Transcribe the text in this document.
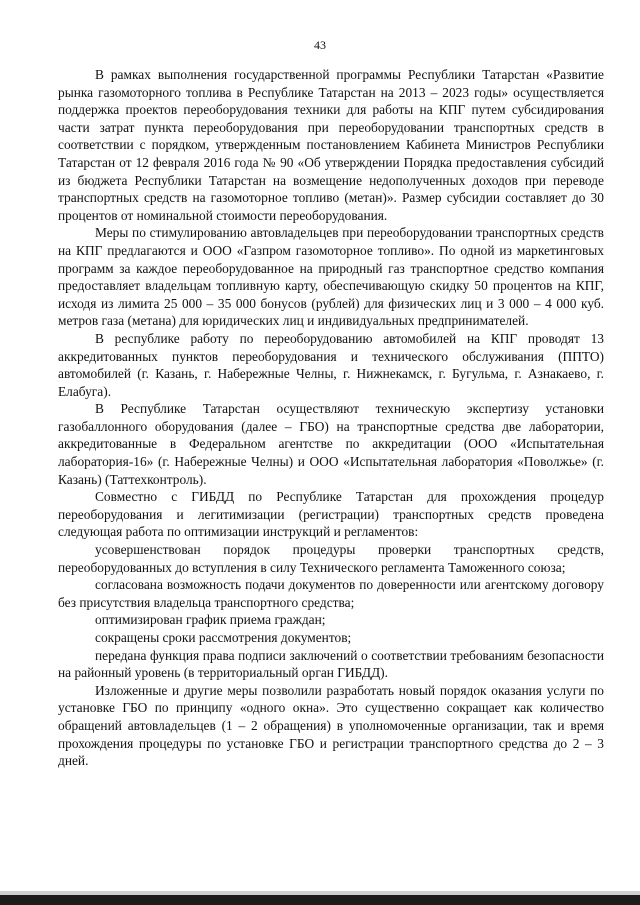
43

В рамках выполнения государственной программы Республики Татарстан «Развитие рынка газомоторного топлива в Республике Татарстан на 2013 – 2023 годы» осуществляется поддержка проектов переоборудования техники для работы на КПГ путем субсидирования части затрат пункта переоборудования при переоборудовании транспортных средств в соответствии с порядком, утвержденным постановлением Кабинета Министров Республики Татарстан от 12 февраля 2016 года № 90 «Об утверждении Порядка предоставления субсидий из бюджета Республики Татарстан на возмещение недополученных доходов при переводе транспортных средств на газомоторное топливо (метан)». Размер субсидии составляет до 30 процентов от номинальной стоимости переоборудования.

Меры по стимулированию автовладельцев при переоборудовании транспортных средств на КПГ предлагаются и ООО «Газпром газомоторное топливо». По одной из маркетинговых программ за каждое переоборудованное на природный газ транспортное средство компания предоставляет владельцам топливную карту, обеспечивающую скидку 50 процентов на КПГ, исходя из лимита 25 000 – 35 000 бонусов (рублей) для физических лиц и 3 000 – 4 000 куб. метров газа (метана) для юридических лиц и индивидуальных предпринимателей.

В республике работу по переоборудованию автомобилей на КПГ проводят 13 аккредитованных пунктов переоборудования и технического обслуживания (ППТО) автомобилей (г. Казань, г. Набережные Челны, г. Нижнекамск, г. Бугульма, г. Азнакаево, г. Елабуга).

В Республике Татарстан осуществляют техническую экспертизу установки газобаллонного оборудования (далее – ГБО) на транспортные средства две лаборатории, аккредитованные в Федеральном агентстве по аккредитации (ООО «Испытательная лаборатория-16» (г. Набережные Челны) и ООО «Испытательная лаборатория «Поволжье» (г. Казань) (Таттехконтроль).

Совместно с ГИБДД по Республике Татарстан для прохождения процедур переоборудования и легитимизации (регистрации) транспортных средств проведена следующая работа по оптимизации инструкций и регламентов:

усовершенствован порядок процедуры проверки транспортных средств, переоборудованных до вступления в силу Технического регламента Таможенного союза;

согласована возможность подачи документов по доверенности или агентскому договору без присутствия владельца транспортного средства;

оптимизирован график приема граждан;

сокращены сроки рассмотрения документов;

передана функция права подписи заключений о соответствии требованиям безопасности на районный уровень (в территориальный орган ГИБДД).

Изложенные и другие меры позволили разработать новый порядок оказания услуги по установке ГБО по принципу «одного окна». Это существенно сокращает как количество обращений автовладельцев (1 – 2 обращения) в уполномоченные организации, так и время прохождения процедуры по установке ГБО и регистрации транспортного средства до 2 – 3 дней.
